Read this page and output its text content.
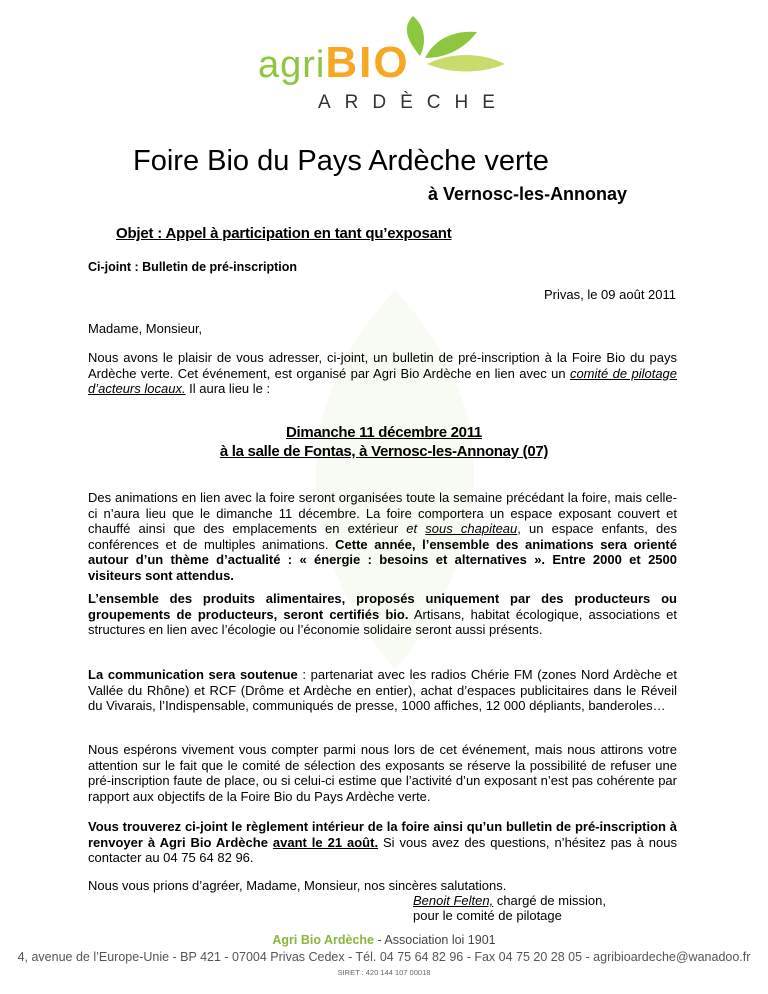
agriBIO
ARDÈCHE
Foire Bio du Pays Ardèche verte
à Vernosc-les-Annonay
Objet : Appel à participation en tant qu’exposant
Ci-joint : Bulletin de pré-inscription
Privas, le 09 août 2011
Madame, Monsieur,
Nous avons le plaisir de vous adresser, ci-joint, un bulletin de pré-inscription à la Foire Bio du pays Ardèche verte. Cet événement, est organisé par Agri Bio Ardèche en lien avec un comité de pilotage d’acteurs locaux. Il aura lieu le :
Dimanche 11 décembre 2011
à la salle de Fontas, à Vernosc-les-Annonay (07)
Des animations en lien avec la foire seront organisées toute la semaine précédant la foire, mais celle-ci n’aura lieu que le dimanche 11 décembre. La foire comportera un espace exposant couvert et chauffé ainsi que des emplacements en extérieur et sous chapiteau, un espace enfants, des conférences et de multiples animations. Cette année, l’ensemble des animations sera orienté autour d’un thème d’actualité : « énergie : besoins et alternatives ». Entre 2000 et 2500 visiteurs sont attendus.
L’ensemble des produits alimentaires, proposés uniquement par des producteurs ou groupements de producteurs, seront certifiés bio. Artisans, habitat écologique, associations et structures en lien avec l’écologie ou l’économie solidaire seront aussi présents.
La communication sera soutenue : partenariat avec les radios Chérie FM (zones Nord Ardèche et Vallée du Rhône) et RCF (Drôme et Ardèche en entier), achat d’espaces publicitaires dans le Réveil du Vivarais, l’Indispensable, communiqués de presse, 1000 affiches, 12 000 dépliants, banderoles…
Nous espérons vivement vous compter parmi nous lors de cet événement, mais nous attirons votre attention sur le fait que le comité de sélection des exposants se réserve la possibilité de refuser une pré-inscription faute de place, ou si celui-ci estime que l’activité d’un exposant n’est pas cohérente par rapport aux objectifs de la Foire Bio du Pays Ardèche verte.
Vous trouverez ci-joint le règlement intérieur de la foire ainsi qu’un bulletin de pré-inscription à renvoyer à Agri Bio Ardèche avant le 21 août. Si vous avez des questions, n’hésitez pas à nous contacter au 04 75 64 82 96.
Nous vous prions d’agréer, Madame, Monsieur, nos sincères salutations.
Benoit Felten, chargé de mission,
pour le comité de pilotage
Agri Bio Ardèche - Association loi 1901
4, avenue de l’Europe-Unie - BP 421 - 07004 Privas Cedex - Tél. 04 75 64 82 96 - Fax 04 75 20 28 05 - agribioardeche@wanadoo.fr
SIRET : 420 144 107 00018
